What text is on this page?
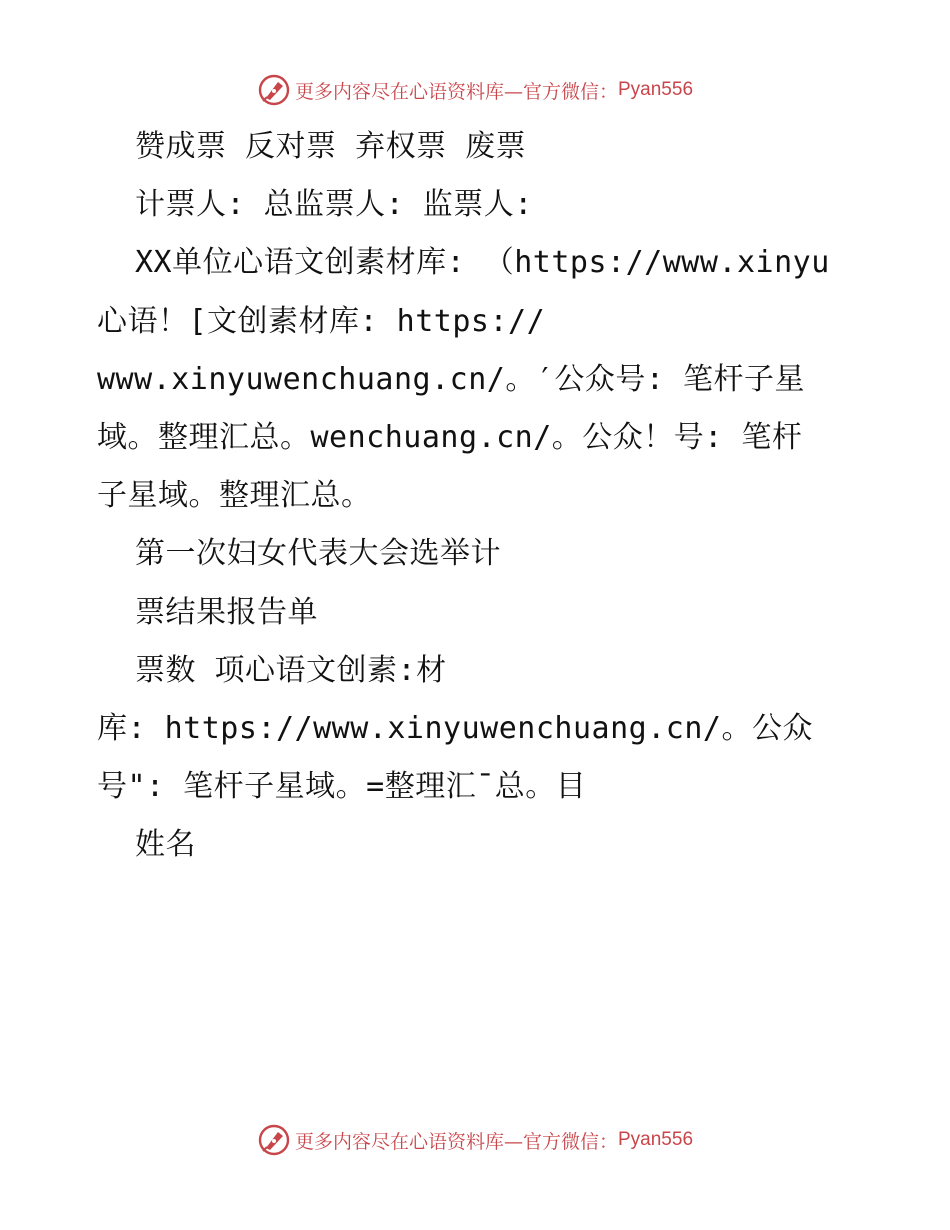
更多内容尽在心语资料库—官方微信： Pyan556
赞成票 反对票 弃权票 废票
计票人: 总监票人: 监票人:
XX单位心语文创素材库: （https://www.xinyu
心语！[文创素材库: https://
www.xinyuwenchuang.cn/。′公众号: 笔杆子星
域。整理汇总。wenchuang.cn/。公众！号: 笔杆
子星域。整理汇总。
第一次妇女代表大会选举计
票结果报告单
票数 项心语文创素:材
库: https://www.xinyuwenchuang.cn/。公众
号": 笔杆子星域。=整理汇¯总。目
姓名
更多内容尽在心语资料库—官方微信： Pyan556
